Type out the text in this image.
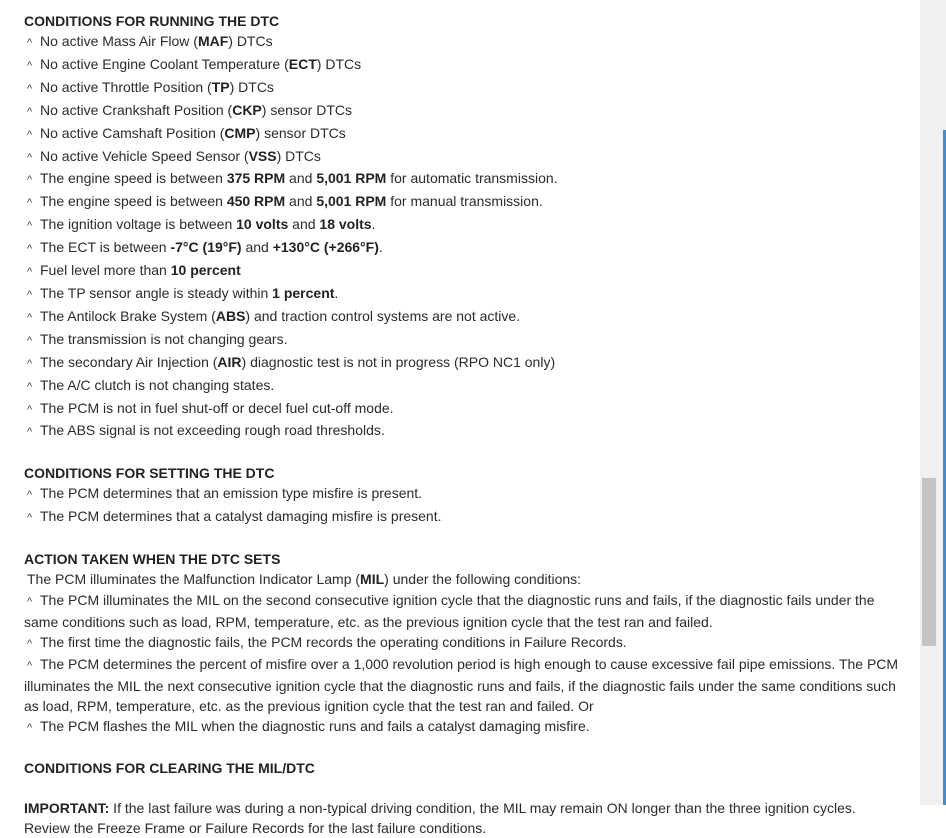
CONDITIONS FOR RUNNING THE DTC
^ No active Mass Air Flow (MAF) DTCs
^ No active Engine Coolant Temperature (ECT) DTCs
^ No active Throttle Position (TP) DTCs
^ No active Crankshaft Position (CKP) sensor DTCs
^ No active Camshaft Position (CMP) sensor DTCs
^ No active Vehicle Speed Sensor (VSS) DTCs
^ The engine speed is between 375 RPM and 5,001 RPM for automatic transmission.
^ The engine speed is between 450 RPM and 5,001 RPM for manual transmission.
^ The ignition voltage is between 10 volts and 18 volts.
^ The ECT is between -7°C (19°F) and +130°C (+266°F).
^ Fuel level more than 10 percent
^ The TP sensor angle is steady within 1 percent.
^ The Antilock Brake System (ABS) and traction control systems are not active.
^ The transmission is not changing gears.
^ The secondary Air Injection (AIR) diagnostic test is not in progress (RPO NC1 only)
^ The A/C clutch is not changing states.
^ The PCM is not in fuel shut-off or decel fuel cut-off mode.
^ The ABS signal is not exceeding rough road thresholds.
CONDITIONS FOR SETTING THE DTC
^ The PCM determines that an emission type misfire is present.
^ The PCM determines that a catalyst damaging misfire is present.
ACTION TAKEN WHEN THE DTC SETS
The PCM illuminates the Malfunction Indicator Lamp (MIL) under the following conditions:
^ The PCM illuminates the MIL on the second consecutive ignition cycle that the diagnostic runs and fails, if the diagnostic fails under the same conditions such as load, RPM, temperature, etc. as the previous ignition cycle that the test ran and failed.
^ The first time the diagnostic fails, the PCM records the operating conditions in Failure Records.
^ The PCM determines the percent of misfire over a 1,000 revolution period is high enough to cause excessive fail pipe emissions. The PCM illuminates the MIL the next consecutive ignition cycle that the diagnostic runs and fails, if the diagnostic fails under the same conditions such as load, RPM, temperature, etc. as the previous ignition cycle that the test ran and failed. Or
^ The PCM flashes the MIL when the diagnostic runs and fails a catalyst damaging misfire.
CONDITIONS FOR CLEARING THE MIL/DTC
IMPORTANT: If the last failure was during a non-typical driving condition, the MIL may remain ON longer than the three ignition cycles. Review the Freeze Frame or Failure Records for the last failure conditions.
